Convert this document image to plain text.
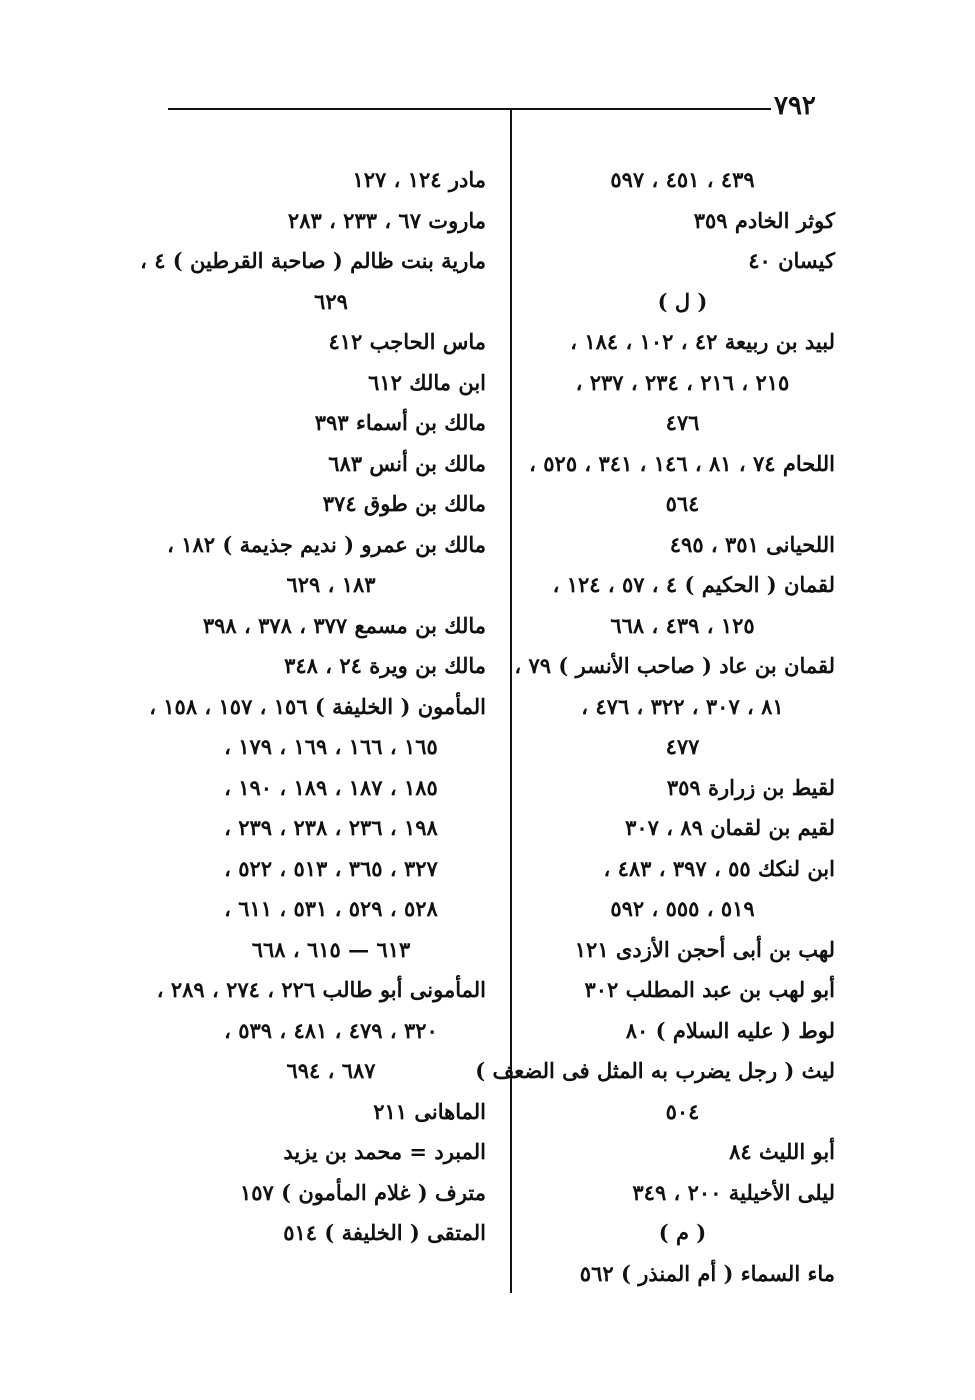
٧٩٢
٤٣٩ ، ٤٥١ ، ٥٩٧
كوثر الخادم ٣٥٩
كيسان ٤٠
( ل )
لبيد بن ربيعة ٤٢ ، ١٠٢ ، ١٨٤ ،
٢١٥ ، ٢١٦ ، ٢٣٤ ، ٢٣٧ ،
٤٧٦
اللحام ٧٤ ، ٨١ ، ١٤٦ ، ٣٤١ ، ٥٢٥ ،
٥٦٤
اللحيانى ٣٥١ ، ٤٩٥
لقمان ( الحكيم ) ٤ ، ٥٧ ، ١٢٤ ،
١٢٥ ، ٤٣٩ ، ٦٦٨
لقمان بن عاد ( صاحب الأنسر ) ٧٩ ،
٨١ ، ٣٠٧ ، ٣٢٢ ، ٤٧٦ ،
٤٧٧
لقيط بن زرارة ٣٥٩
لقيم بن لقمان ٨٩ ، ٣٠٧
ابن لنكك ٥٥ ، ٣٩٧ ، ٤٨٣ ،
٥١٩ ، ٥٥٥ ، ٥٩٢
لهب بن أبى أحجن الأزدى ١٢١
أبو لهب بن عبد المطلب ٣٠٢
لوط ( عليه السلام ) ٨٠
ليث ( رجل يضرب به المثل فى الضعف )
٥٠٤
أبو الليث ٨٤
ليلى الأخيلية ٢٠٠ ، ٣٤٩
( م )
ماء السماء ( أم المنذر ) ٥٦٢
مادر ١٢٤ ، ١٢٧
ماروت ٦٧ ، ٢٣٣ ، ٢٨٣
مارية بنت ظالم ( صاحبة القرطين ) ٤ ،
٦٢٩
ماس الحاجب ٤١٢
ابن مالك ٦١٢
مالك بن أسماء ٣٩٣
مالك بن أنس ٦٨٣
مالك بن طوق ٣٧٤
مالك بن عمرو ( نديم جذيمة ) ١٨٢ ،
١٨٣ ، ٦٢٩
مالك بن مسمع ٣٧٧ ، ٣٧٨ ، ٣٩٨
مالك بن ويرة ٢٤ ، ٣٤٨
المأمون ( الخليفة ) ١٥٦ ، ١٥٧ ، ١٥٨ ،
١٦٥ ، ١٦٦ ، ١٦٩ ، ١٧٩ ،
١٨٥ ، ١٨٧ ، ١٨٩ ، ١٩٠ ،
١٩٨ ، ٢٣٦ ، ٢٣٨ ، ٢٣٩ ،
٣٢٧ ، ٣٦٥ ، ٥١٣ ، ٥٢٢ ،
٥٢٨ ، ٥٢٩ ، ٥٣١ ، ٦١١ ،
٦١٣ — ٦١٥ ، ٦٦٨
المأمونى أبو طالب ٢٢٦ ، ٢٧٤ ، ٢٨٩ ،
٣٢٠ ، ٤٧٩ ، ٤٨١ ، ٥٣٩ ،
٦٨٧ ، ٦٩٤
الماهانى ٢١١
المبرد = محمد بن يزيد
مترف ( غلام المأمون ) ١٥٧
المتقى ( الخليفة ) ٥١٤
